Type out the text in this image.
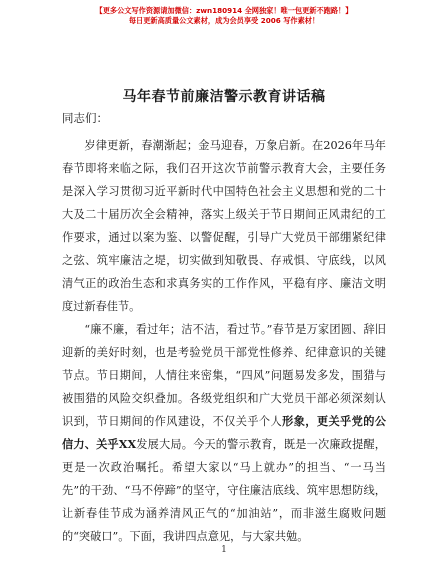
【更多公文写作资源请加微信：zwn180914 全网独家！唯一包更新不跑路！】
每日更新高质量公文素材，成为会员享受 2006 写作素材！
马年春节前廉洁警示教育讲话稿
同志们：

岁律更新，春潮渐起；金马迎春，万象启新。在2026年马年春节即将来临之际，我们召开这次节前警示教育大会，主要任务是深入学习贯彻习近平新时代中国特色社会主义思想和党的二十大及二十届历次全会精神，落实上级关于节日期间正风肃纪的工作要求，通过以案为鉴、以警促醒，引导广大党员干部绷紧纪律之弦、筑牢廉洁之堤，切实做到知敬畏、存戒惧、守底线，以风清气正的政治生态和求真务实的工作作风，平稳有序、廉洁文明度过新春佳节。

“廉不廉，看过年；洁不洁，看过节。”春节是万家团圆、辞旧迎新的美好时刻，也是考验党员干部党性修养、纪律意识的关键节点。节日期间，人情往来密集，“四风”问题易发多发，围猎与被围猎的风险交织叠加。各级党组织和广大党员干部必须深刻认识到，节日期间的作风建设，不仅关乎个人形象，更关乎党的公信力、关乎XX发展大局。今天的警示教育，既是一次廉政提醒，更是一次政治嘱托。希望大家以“马上就办”的担当、“一马当先”的干劲、“马不停蹄”的坚守，守住廉洁底线、筑牢思想防线，让新春佳节成为涵养清风正气的“加油站”，而非滋生腐败问题的“突破口”。下面，我讲四点意见，与大家共勉。

1
